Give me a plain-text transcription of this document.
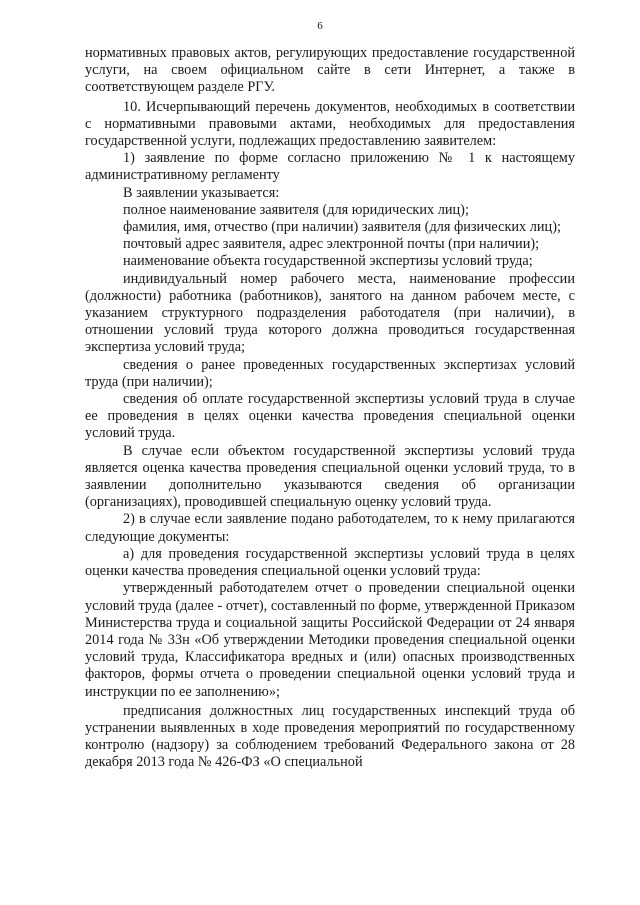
6

нормативных правовых актов, регулирующих предоставление государственной услуги, на своем официальном сайте в сети Интернет, а также в соответствующем разделе РГУ.

10. Исчерпывающий перечень документов, необходимых в соответствии с нормативными правовыми актами, необходимых для предоставления государственной услуги, подлежащих предоставлению заявителем:

1) заявление по форме согласно приложению № 1 к настоящему административному регламенту

В заявлении указывается:

полное наименование заявителя (для юридических лиц);

фамилия, имя, отчество (при наличии) заявителя (для физических лиц);

почтовый адрес заявителя, адрес электронной почты (при наличии);

наименование объекта государственной экспертизы условий труда;

индивидуальный номер рабочего места, наименование профессии (должности) работника (работников), занятого на данном рабочем месте, с указанием структурного подразделения работодателя (при наличии), в отношении условий труда которого должна проводиться государственная экспертиза условий труда;

сведения о ранее проведенных государственных экспертизах условий труда (при наличии);

сведения об оплате государственной экспертизы условий труда в случае ее проведения в целях оценки качества проведения специальной оценки условий труда.

В случае если объектом государственной экспертизы условий труда является оценка качества проведения специальной оценки условий труда, то в заявлении дополнительно указываются сведения об организации (организациях), проводившей специальную оценку условий труда.

2) в случае если заявление подано работодателем, то к нему прилагаются следующие документы:

а) для проведения государственной экспертизы условий труда в целях оценки качества проведения специальной оценки условий труда:

утвержденный работодателем отчет о проведении специальной оценки условий труда (далее - отчет), составленный по форме, утвержденной Приказом Министерства труда и социальной защиты Российской Федерации от 24 января 2014 года № 33н «Об утверждении Методики проведения специальной оценки условий труда, Классификатора вредных и (или) опасных производственных факторов, формы отчета о проведении специальной оценки условий труда и инструкции по ее заполнению»;

предписания должностных лиц государственных инспекций труда об устранении выявленных в ходе проведения мероприятий по государственному контролю (надзору) за соблюдением требований Федерального закона от 28 декабря 2013 года № 426-ФЗ «О специальной
